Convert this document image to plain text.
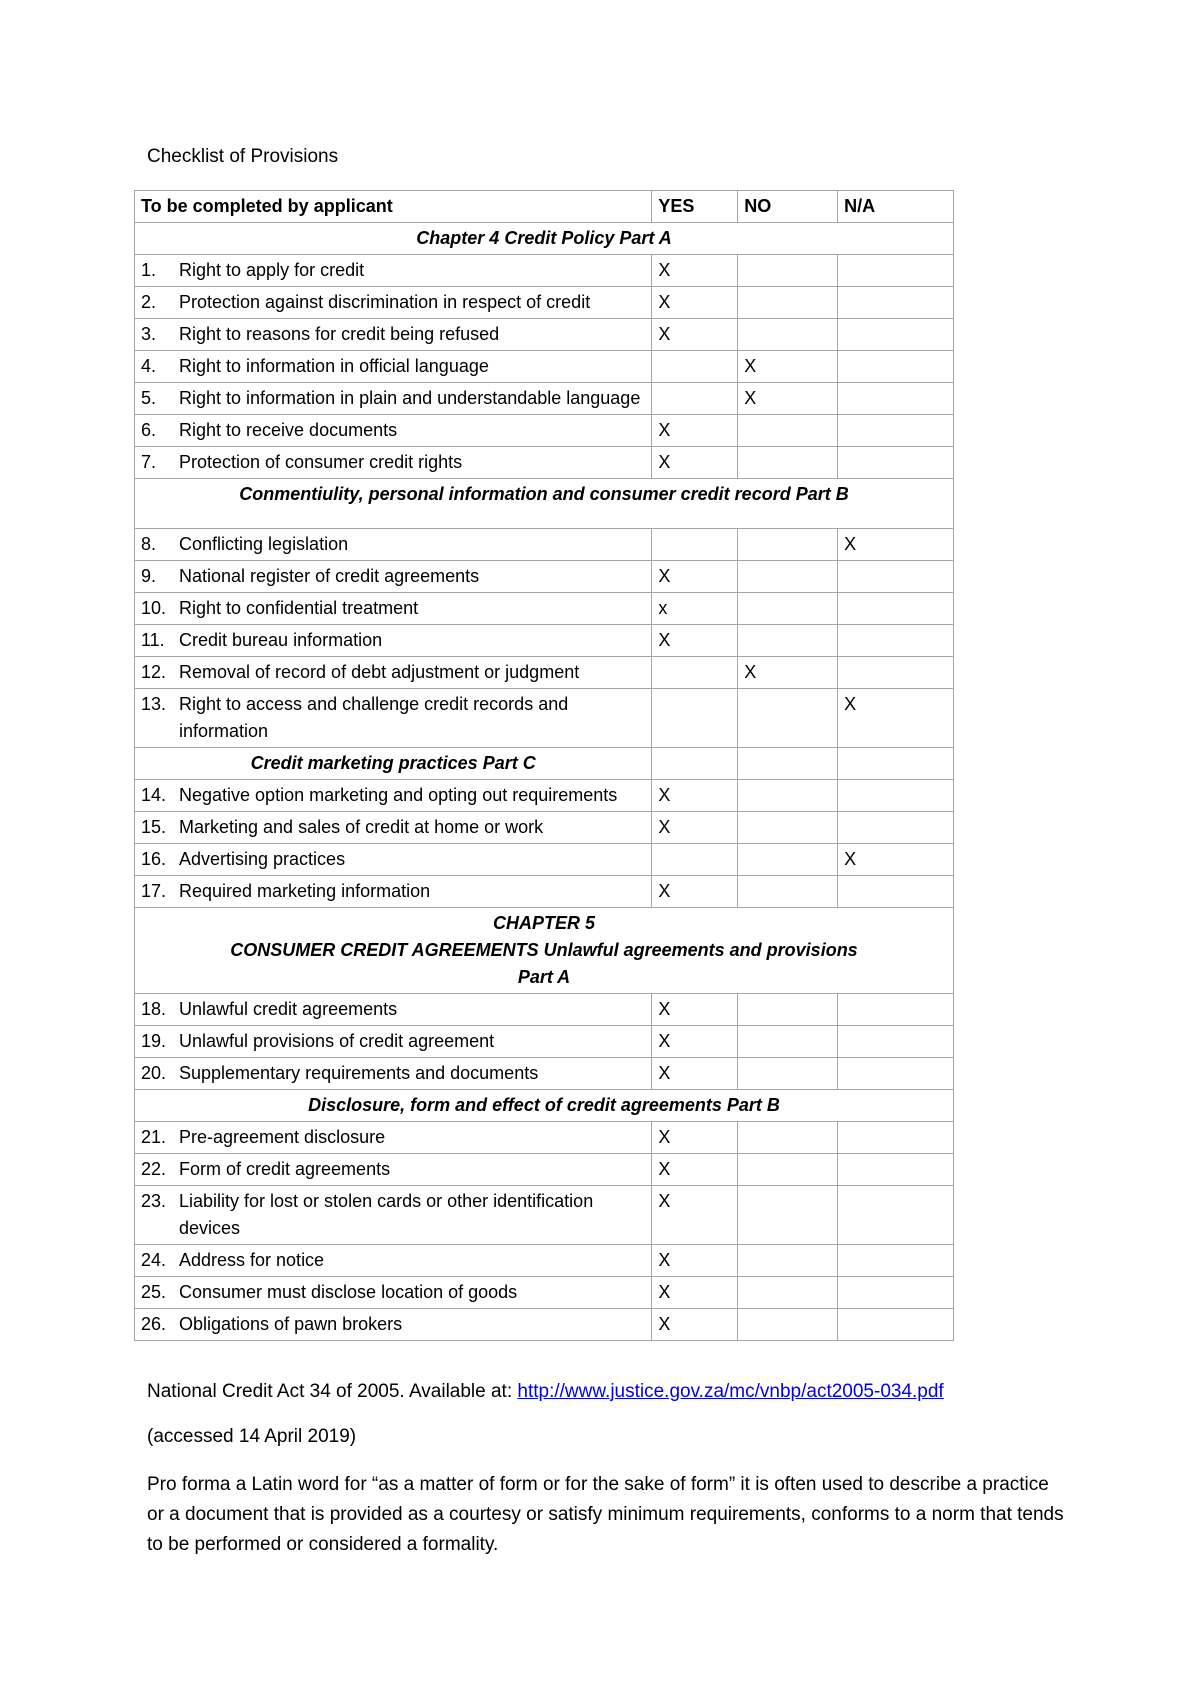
Checklist of Provisions
To be completed by applicant	YES	NO	N/A
Chapter 4 Credit Policy Part A			

1. Right to apply for credit	X		

2. Protection against discrimination in respect of credit	X		

3. Right to reasons for credit being refused	X		

4. Right to information in official language		X	

5. Right to information in plain and understandable language		X	

6. Right to receive documents	X		

7. Protection of consumer credit rights	X		
Conmentiulity, personal information and consumer credit record Part B			

8. Conflicting legislation			X

9. National register of credit agreements	X		

10. Right to confidential treatment	x		

11. Credit bureau information	X		

12. Removal of record of debt adjustment or judgment		X	

13. Right to access and challenge credit records and information			X
Credit marketing practices Part C			

14. Negative option marketing and opting out requirements	X		

15. Marketing and sales of credit at home or work	X		

16. Advertising practices			X

17. Required marketing information	X		

CHAPTER 5
CONSUMER CREDIT AGREEMENTS Unlawful agreements and provisions
Part A			

18. Unlawful credit agreements	X		

19. Unlawful provisions of credit agreement	X		

20. Supplementary requirements and documents	X		
Disclosure, form and effect of credit agreements Part B			

21. Pre-agreement disclosure	X		

22. Form of credit agreements	X		

23. Liability for lost or stolen cards or other identification devices	X		

24. Address for notice	X		

25. Consumer must disclose location of goods	X		

26. Obligations of pawn brokers	X		
National Credit Act 34 of 2005. Available at: http://www.justice.gov.za/mc/vnbp/act2005-034.pdf
(accessed 14 April 2019)
Pro forma a Latin word for “as a matter of form or for the sake of form” it is often used to describe a practice or a document that is provided as a courtesy or satisfy minimum requirements, conforms to a norm that tends to be performed or considered a formality.
